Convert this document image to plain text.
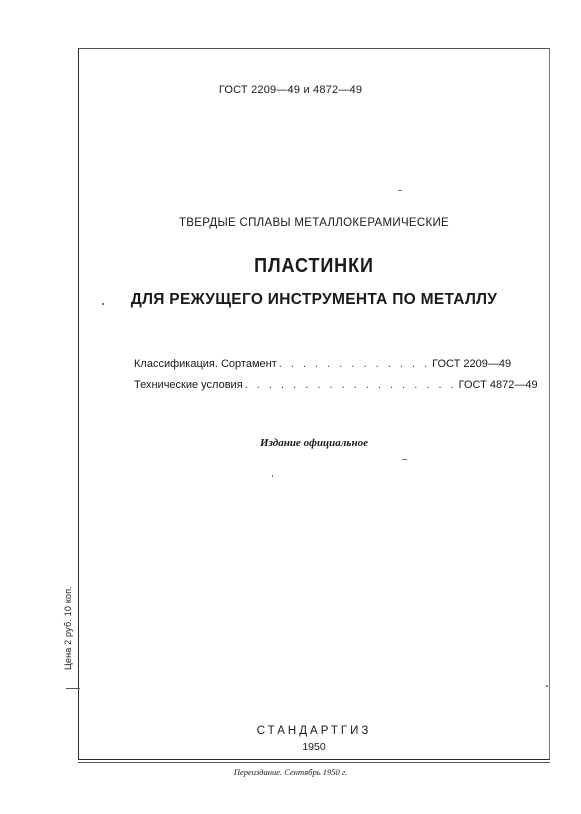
ГОСТ 2209—49 и 4872—49
ТВЕРДЫЕ СПЛАВЫ МЕТАЛЛОКЕРАМИЧЕСКИЕ
ПЛАСТИНКИ
ДЛЯ РЕЖУЩЕГО ИНСТРУМЕНТА ПО МЕТАЛЛУ
Классификация. Сортамент . . . . . . . . . . . . . ГОСТ 2209—49
Технические условия . . . . . . . . . . . . . . . . . . ГОСТ 4872—49
Издание официальное
Цена 2 руб. 10 коп.
СТАНДАРТГИЗ
1950
Переиздание. Сентябрь 1950 г.
